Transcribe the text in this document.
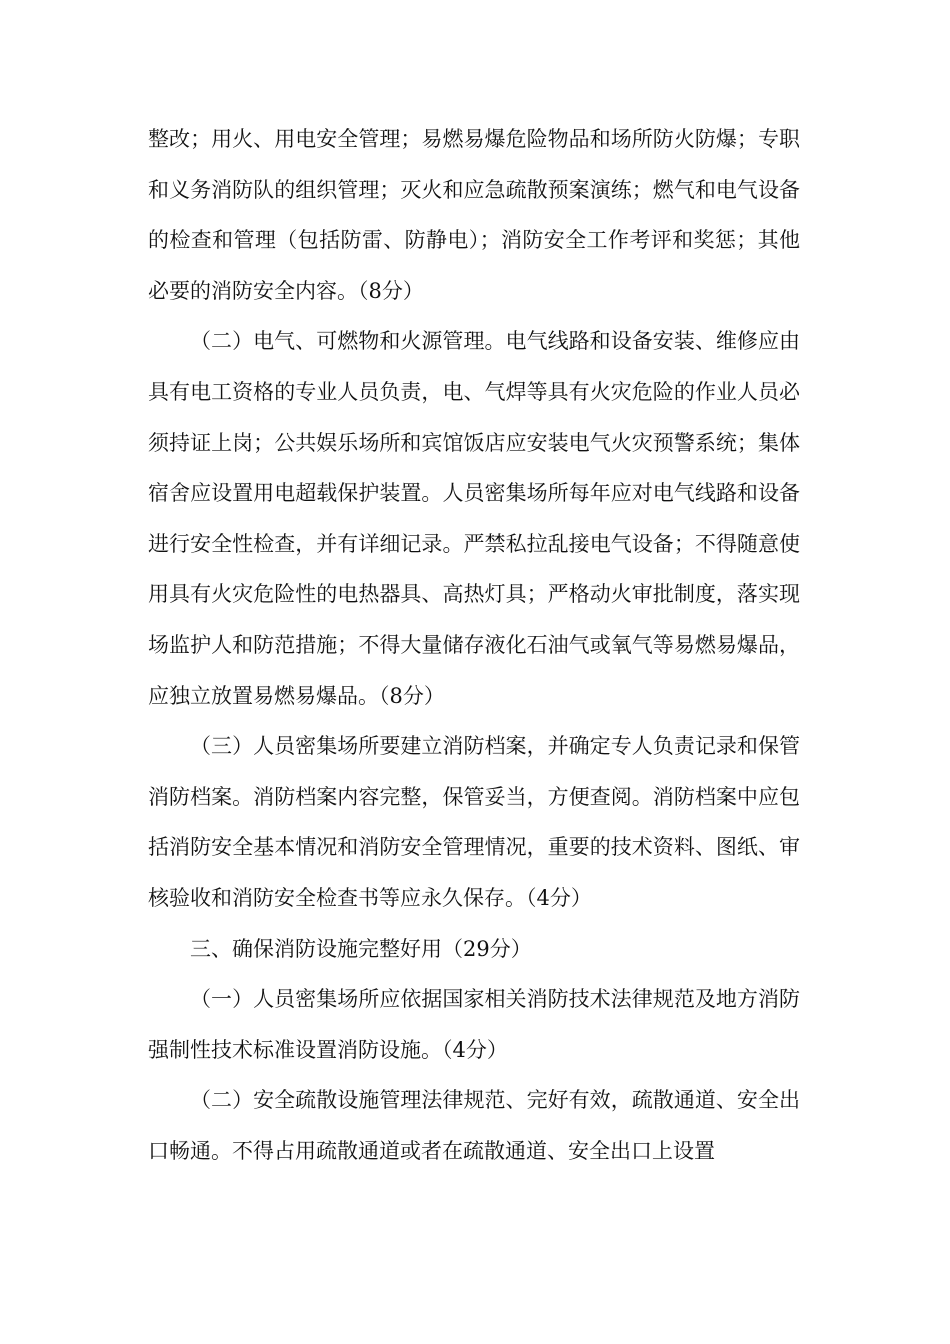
整改；用火、用电安全管理；易燃易爆危险物品和场所防火防爆；专职和义务消防队的组织管理；灭火和应急疏散预案演练；燃气和电气设备的检查和管理（包括防雷、防静电）；消防安全工作考评和奖惩；其他必要的消防安全内容。（8分）

（二）电气、可燃物和火源管理。电气线路和设备安装、维修应由具有电工资格的专业人员负责，电、气焊等具有火灾危险的作业人员必须持证上岗；公共娱乐场所和宾馆饭店应安装电气火灾预警系统；集体宿舍应设置用电超载保护装置。人员密集场所每年应对电气线路和设备进行安全性检查，并有详细记录。严禁私拉乱接电气设备；不得随意使用具有火灾危险性的电热器具、高热灯具；严格动火审批制度，落实现场监护人和防范措施；不得大量储存液化石油气或氧气等易燃易爆品，应独立放置易燃易爆品。（8分）

（三）人员密集场所要建立消防档案，并确定专人负责记录和保管消防档案。消防档案内容完整，保管妥当，方便查阅。消防档案中应包括消防安全基本情况和消防安全管理情况，重要的技术资料、图纸、审核验收和消防安全检查书等应永久保存。（4分）

三、确保消防设施完整好用（29分）

（一）人员密集场所应依据国家相关消防技术法律规范及地方消防强制性技术标准设置消防设施。（4分）

（二）安全疏散设施管理法律规范、完好有效，疏散通道、安全出口畅通。不得占用疏散通道或者在疏散通道、安全出口上设置
